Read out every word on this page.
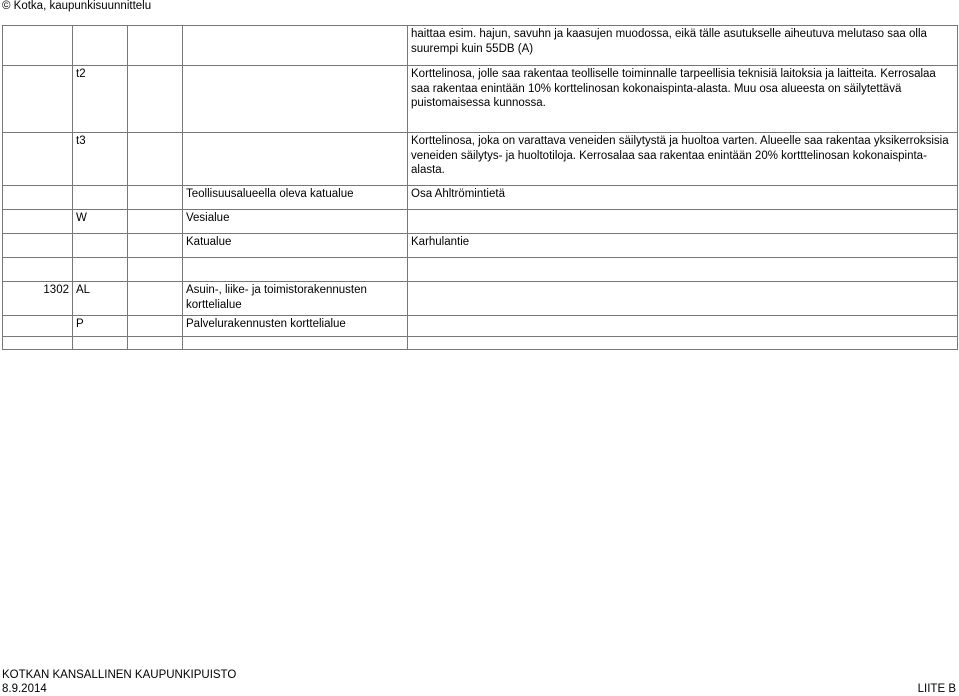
© Kotka, kaupunkisuunnittelu
				haittaa esim. hajun, savuhn ja kaasujen muodossa, eikä tälle asutukselle aiheutuva melutaso saa olla suurempi kuin 55DB (A)
	t2			Korttelinosa, jolle saa rakentaa teolliselle toiminnalle tarpeellisia teknisiä laitoksia ja laitteita. Kerrosalaa saa rakentaa enintään 10% korttelinosan kokonaispinta-alasta. Muu osa alueesta on säilytettävä puistomaisessa kunnossa.
	t3			Korttelinosa, joka on varattava veneiden säilytystä ja huoltoa varten. Alueelle saa rakentaa yksikerroksisia veneiden säilytys- ja huoltotiloja. Kerrosalaa saa rakentaa enintään 20% kortttelinosan kokonaispinta-alasta.
			Teollisuusalueella oleva katualue	Osa Ahltrömintietä
	W		Vesialue	
			Katualue	Karhulantie

1302	AL		Asuin-, liike- ja toimistorakennusten korttelialue	
	P		Palvelurakennusten korttelialue	

KOTKAN KANSALLINEN KAUPUNKIPUISTO
8.9.2014	LIITE B
